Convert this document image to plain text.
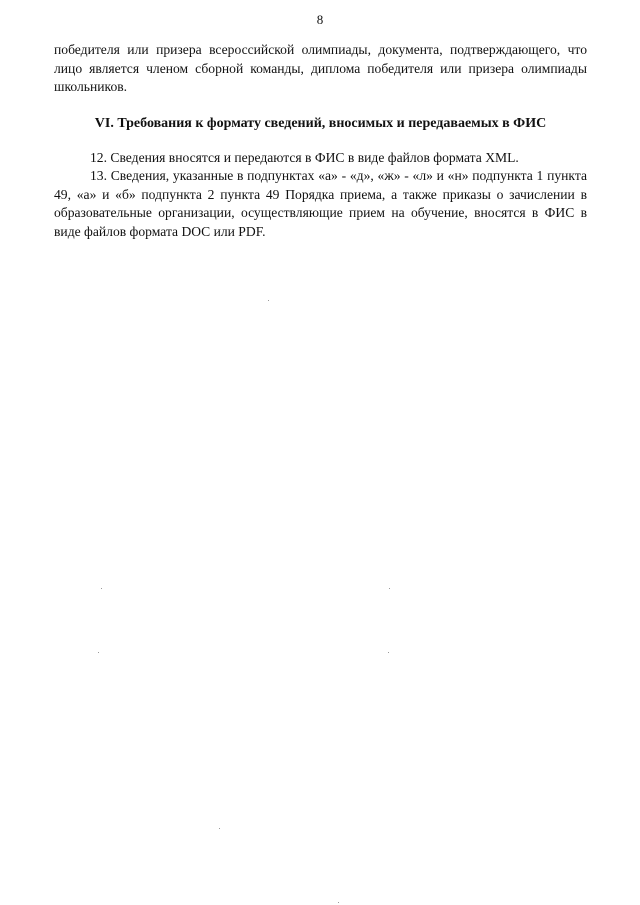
8

победителя или призера всероссийской олимпиады, документа, подтверждающего, что лицо является членом сборной команды, диплома победителя или призера олимпиады школьников.

VI. Требования к формату сведений, вносимых и передаваемых в ФИС

12. Сведения вносятся и передаются в ФИС в виде файлов формата XML.

13. Сведения, указанные в подпунктах «а» - «д», «ж» - «л» и «н» подпункта 1 пункта 49, «а» и «б» подпункта 2 пункта 49 Порядка приема, а также приказы о зачислении в образовательные организации, осуществляющие прием на обучение, вносятся в ФИС в виде файлов формата DOC или PDF.
